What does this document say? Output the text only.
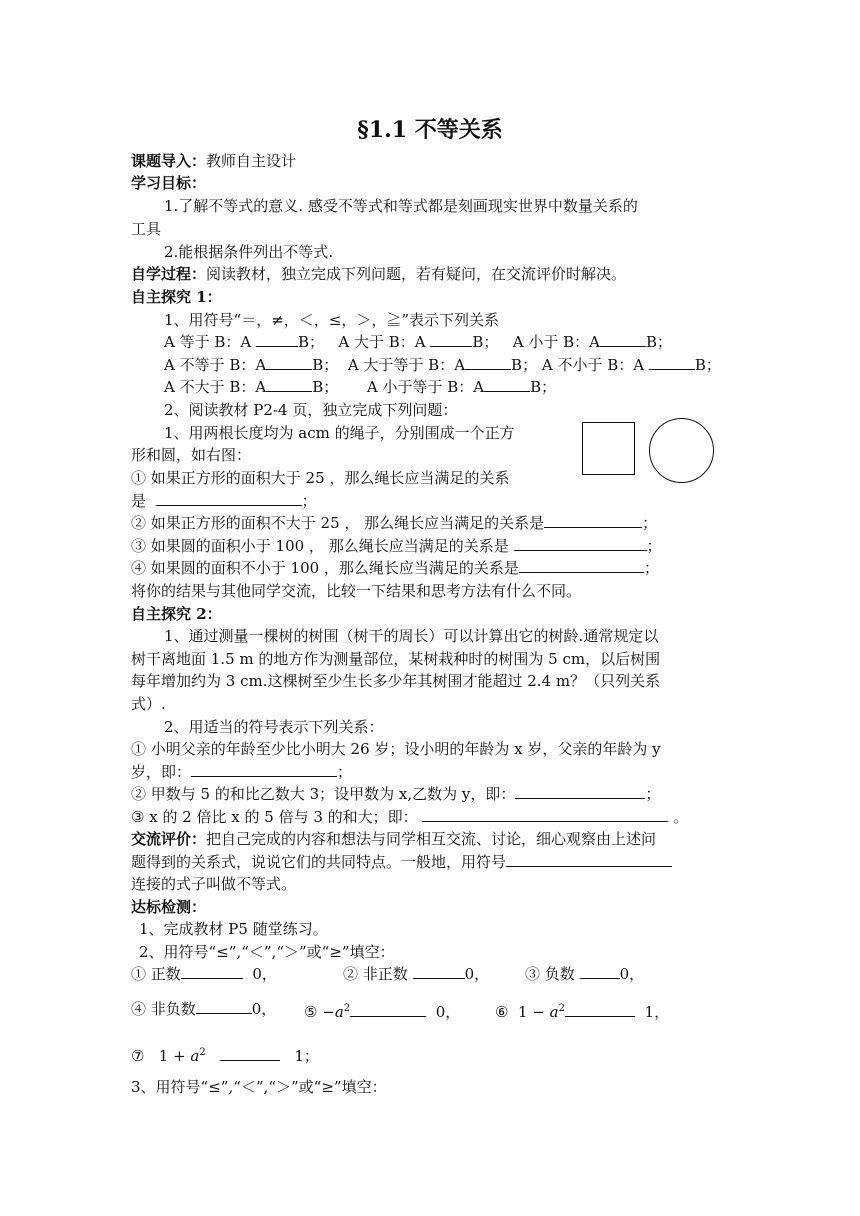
§1.1 不等关系
课题导入：教师自主设计
学习目标：
1.了解不等式的意义. 感受不等式和等式都是刻画现实世界中数量关系的
工具
2.能根据条件列出不等式.
自学过程：阅读教材，独立完成下列问题，若有疑问，在交流评价时解决。
自主探究 1：
1、用符号“＝，≠，＜，≤，＞，≧”表示下列关系
A 等于 B：A	B； A 大于 B：A	B； A 小于 B：A	B；
A 不等于 B：A	B； A 大于等于 B：A	B； A 不小于 B：A	B；
A 不大于 B：A	B； A 小于等于 B：A	B；
2、阅读教材 P2-4 页，独立完成下列问题：
1、用两根长度均为 acm 的绳子，分别围成一个正方
形和圆，如右图：
① 如果正方形的面积大于 25 ，那么绳长应当满足的关系
是	；
② 如果正方形的面积不大于 25 ， 那么绳长应当满足的关系是	；
③ 如果圆的面积小于 100 ， 那么绳长应当满足的关系是	；
④ 如果圆的面积不小于 100 ，那么绳长应当满足的关系是	；
将你的结果与其他同学交流，比较一下结果和思考方法有什么不同。
自主探究 2：
1、通过测量一棵树的树围（树干的周长）可以计算出它的树龄.通常规定以
树干离地面 1.5 m 的地方作为测量部位，某树栽种时的树围为 5 cm，以后树围
每年增加约为 3 cm.这棵树至少生长多少年其树围才能超过 2.4 m？（只列关系
式）.
2、用适当的符号表示下列关系：
① 小明父亲的年龄至少比小明大 26 岁；设小明的年龄为 x 岁，父亲的年龄为 y
岁，即：	；
② 甲数与 5 的和比乙数大 3；设甲数为 x,乙数为 y，即：	；
③ x 的 2 倍比 x 的 5 倍与 3 的和大；即：	。
交流评价：把自己完成的内容和想法与同学相互交流、讨论，细心观察由上述问
题得到的关系式，说说它们的共同特点。一般地，用符号
连接的式子叫做不等式。
达标检测：
1、完成教材 P5 随堂练习。
2、用符号“≤”,“＜”,“＞”或“≥”填空：
① 正数	0，	② 非正数	0， ③ 负数	0，
④ 非负数	0， ⑤ $-a^2$	0， ⑥ $1 - a^2$	1，
⑦ $1 + a^2$	1；
3、用符号“≤”,“＜”,“＞”或“≥”填空：
